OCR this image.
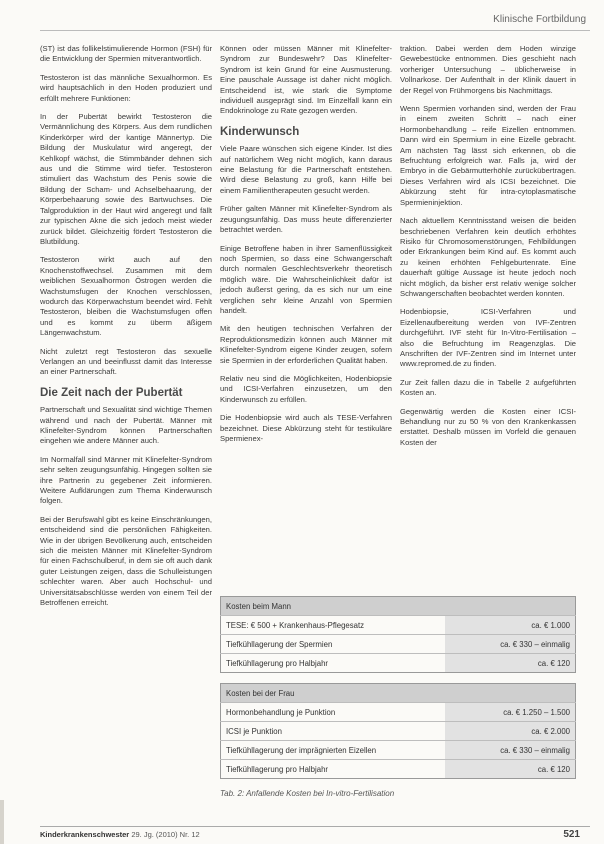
Klinische Fortbildung

(ST) ist das follikelstimulierende Hormon (FSH) für die Entwicklung der Spermien mitverantwortlich.

Testosteron ist das männliche Sexualhormon. Es wird hauptsächlich in den Hoden produziert und erfüllt mehrere Funktionen:

In der Pubertät bewirkt Testosteron die Vermännlichung des Körpers. Aus dem rundlichen Kinderkörper wird der kantige Männertyp. Die Bildung der Muskulatur wird angeregt, der Kehlkopf wächst, die Stimmbänder dehnen sich aus und die Stimme wird tiefer. Testosteron stimuliert das Wachstum des Penis sowie die Bildung der Scham- und Achselbehaarung, der Körperbehaarung sowie des Bartwuchses. Die Talgproduktion in der Haut wird angeregt und fällt zur typischen Akne die sich jedoch meist wieder zurück bildet. Gleichzeitig fördert Testosteron die Blutbildung.

Testosteron wirkt auch auf den Knochenstoffwechsel. Zusammen mit dem weiblichen Sexualhormon Östrogen werden die Wachstumsfugen der Knochen verschlossen, wodurch das Körperwachstum beendet wird. Fehlt Testosteron, bleiben die Wachstumsfugen offen und es kommt zu überm äßigem Längenwachstum.

Nicht zuletzt regt Testosteron das sexuelle Verlangen an und beeinflusst damit das Interesse an einer Partnerschaft.

Die Zeit nach der Pubertät

Partnerschaft und Sexualität sind wichtige Themen während und nach der Pubertät. Männer mit Klinefelter-Syndrom können Partnerschaften eingehen wie andere Männer auch.

Im Normalfall sind Männer mit Klinefelter-Syndrom sehr selten zeugungsunfähig. Hingegen sollten sie ihre Partnerin zu gegebener Zeit informieren. Weitere Aufklärungen zum Thema Kinderwunsch folgen.

Bei der Berufswahl gibt es keine Einschränkungen, entscheidend sind die persönlichen Fähigkeiten. Wie in der übrigen Bevölkerung auch, entscheiden sich die meisten Männer mit Klinefelter-Syndrom für einen Fachschulberuf, in dem sie oft auch dank guter Leistungen zeigen, dass die Schulleistungen schlechter waren. Aber auch Hochschul- und Universitätsabschlüsse werden von einem Teil der Betroffenen erreicht.

Können oder müssen Männer mit Klinefelter-Syndrom zur Bundeswehr? Das Klinefelter-Syndrom ist kein Grund für eine Ausmusterung. Eine pauschale Aussage ist daher nicht möglich. Entscheidend ist, wie stark die Symptome individuell ausgeprägt sind. Im Einzelfall kann ein Endokrinologe zu Rate gezogen werden.

Kinderwunsch

Viele Paare wünschen sich eigene Kinder. Ist dies auf natürlichem Weg nicht möglich, kann daraus eine Belastung für die Partnerschaft entstehen. Wird diese Belastung zu groß, kann Hilfe bei einem Familientherapeuten gesucht werden.

Früher galten Männer mit Klinefelter-Syndrom als zeugungsunfähig. Das muss heute differenzierter betrachtet werden.

Einige Betroffene haben in ihrer Samenflüssigkeit noch Spermien, so dass eine Schwangerschaft durch normalen Geschlechtsverkehr theoretisch möglich wäre. Die Wahrscheinlichkeit dafür ist jedoch äußerst gering, da es sich nur um eine verglichen sehr kleine Anzahl von Spermien handelt.

Mit den heutigen technischen Verfahren der Reproduktionsmedizin können auch Männer mit Klinefelter-Syndrom eigene Kinder zeugen, sofern sie Spermien in der erforderlichen Qualität haben.

Relativ neu sind die Möglichkeiten, Hodenbiopsie und ICSI-Verfahren einzusetzen, um den Kinderwunsch zu erfüllen.

Die Hodenbiopsie wird auch als TESE-Verfahren bezeichnet. Diese Abkürzung steht für testikuläre Spermienex-

traktion. Dabei werden dem Hoden winzige Gewebestücke entnommen. Dies geschieht nach vorheriger Untersuchung – üblicherweise in Vollnarkose. Der Aufenthalt in der Klinik dauert in der Regel von Frühmorgens bis Nachmittags.

Wenn Spermien vorhanden sind, werden der Frau in einem zweiten Schritt – nach einer Hormonbehandlung – reife Eizellen entnommen. Dann wird ein Spermium in eine Eizelle gebracht. Am nächsten Tag lässt sich erkennen, ob die Befruchtung erfolgreich war. Falls ja, wird der Embryo in die Gebärmutterhöhle zurückübertragen. Dieses Verfahren wird als ICSI bezeichnet. Die Abkürzung steht für intra-cytoplasmatische Spermieninjektion.

Nach aktuellem Kenntnisstand weisen die beiden beschriebenen Verfahren kein deutlich erhöhtes Risiko für Chromosomenstörungen, Fehlbildungen oder Erkrankungen beim Kind auf. Es kommt auch zu keinen erhöhten Fehlgeburtenrate. Eine dauerhaft gültige Aussage ist heute jedoch noch nicht möglich, da bisher erst relativ wenige solcher Schwangerschaften beobachtet werden konnten.

Hodenbiopsie, ICSI-Verfahren und Eizellenaufbereitung werden von IVF-Zentren durchgeführt. IVF steht für In-Vitro-Fertilisation – also die Befruchtung im Reagenzglas. Die Anschriften der IVF-Zentren sind im Internet unter www.repromed.de zu finden.

Zur Zeit fallen dazu die in Tabelle 2 aufgeführten Kosten an.

Gegenwärtig werden die Kosten einer ICSI-Behandlung nur zu 50 % von den Krankenkassen erstattet. Deshalb müssen im Vorfeld die genauen Kosten der

Kosten beim Mann	
TESE: € 500 + Krankenhaus-Pflegesatz	ca. € 1.000
Tiefkühllagerung der Spermien	ca. € 330 – einmalig
Tiefkühllagerung pro Halbjahr	ca. € 120
Kosten bei der Frau	
Hormonbehandlung je Punktion	ca. € 1.250 – 1.500
ICSI je Punktion	ca. € 2.000
Tiefkühllagerung der imprägnierten Eizellen	ca. € 330 – einmalig
Tiefkühllagerung pro Halbjahr	ca. € 120
Tab. 2: Anfallende Kosten bei In-vitro-Fertilisation
Kinderkrankenschwester 29. Jg. (2010) Nr. 12	521
